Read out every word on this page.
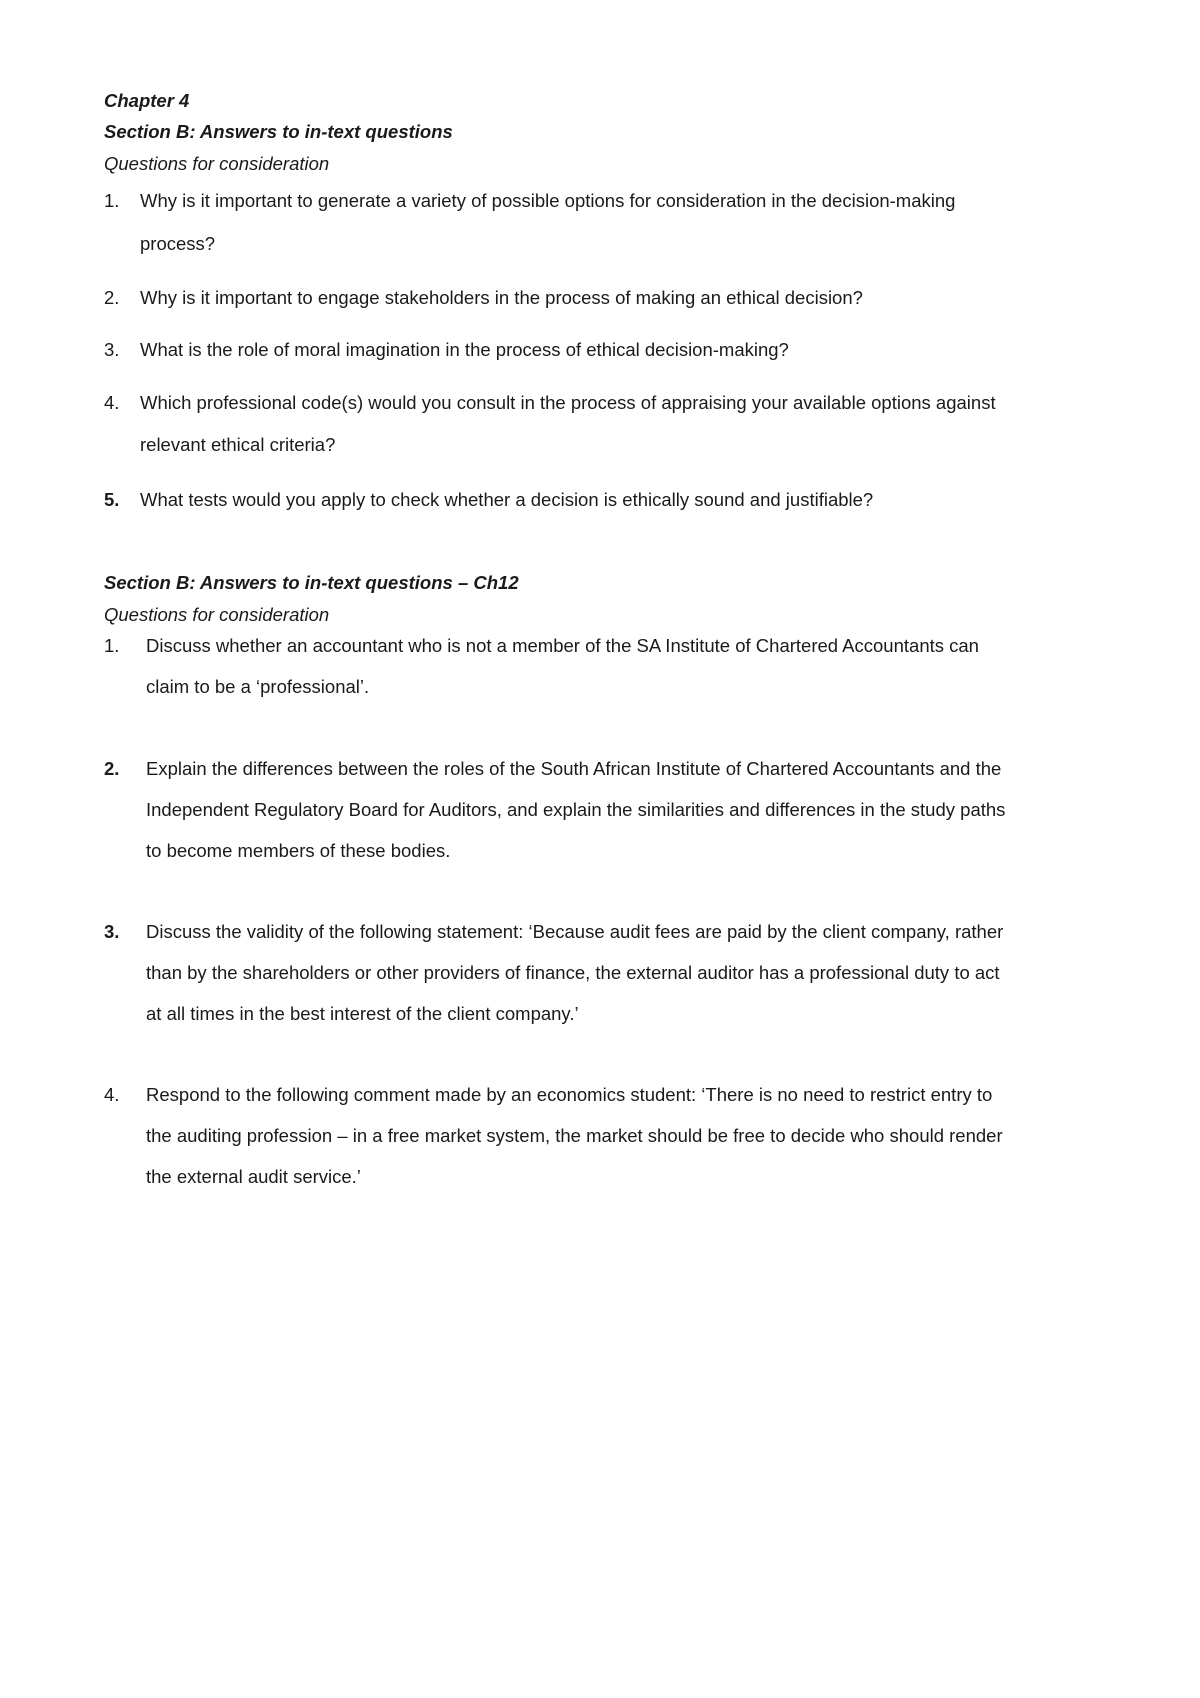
Chapter 4
Section B: Answers to in-text questions
Questions for consideration
1. Why is it important to generate a variety of possible options for consideration in the decision-making
process?
2. Why is it important to engage stakeholders in the process of making an ethical decision?
3. What is the role of moral imagination in the process of ethical decision-making?
4. Which professional code(s) would you consult in the process of appraising your available options against
relevant ethical criteria?
5. What tests would you apply to check whether a decision is ethically sound and justifiable?
Section B: Answers to in-text questions – Ch12
Questions for consideration
1. Discuss whether an accountant who is not a member of the SA Institute of Chartered Accountants can
claim to be a ‘professional’.
2. Explain the differences between the roles of the South African Institute of Chartered Accountants and the
Independent Regulatory Board for Auditors, and explain the similarities and differences in the study paths
to become members of these bodies.
3. Discuss the validity of the following statement: ‘Because audit fees are paid by the client company, rather
than by the shareholders or other providers of finance, the external auditor has a professional duty to act
at all times in the best interest of the client company.’
4. Respond to the following comment made by an economics student: ‘There is no need to restrict entry to
the auditing profession – in a free market system, the market should be free to decide who should render
the external audit service.’
